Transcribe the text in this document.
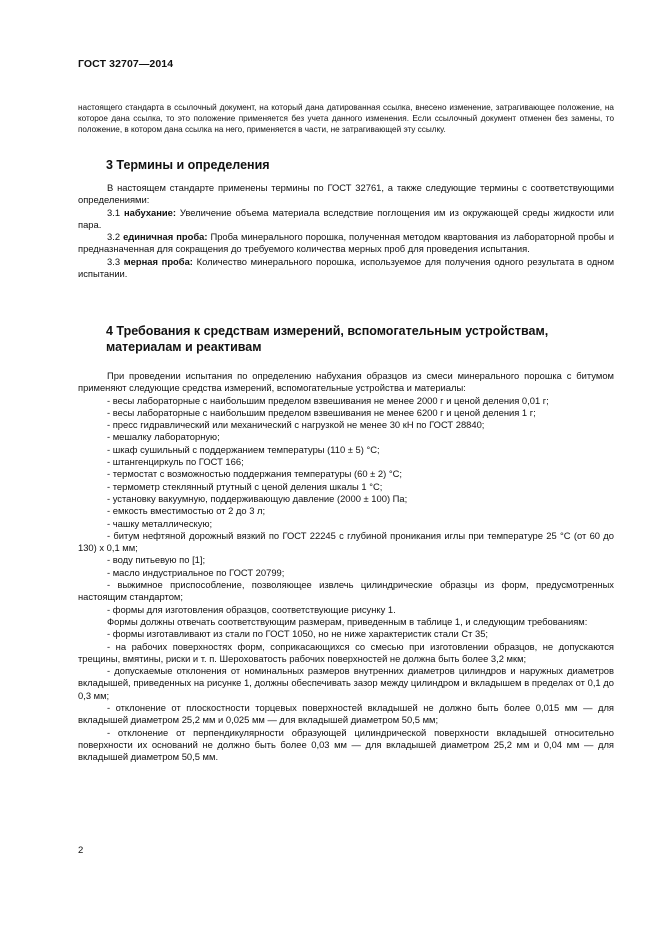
ГОСТ 32707—2014

настоящего стандарта в ссылочный документ, на который дана датированная ссылка, внесено изменение, затрагивающее положение, на которое дана ссылка, то это положение применяется без учета данного изменения. Если ссылочный документ отменен без замены, то положение, в котором дана ссылка на него, применяется в части, не затрагивающей эту ссылку.

3 Термины и определения

В настоящем стандарте применены термины по ГОСТ 32761, а также следующие термины с соответствующими определениями:

3.1 набухание: Увеличение объема материала вследствие поглощения им из окружающей среды жидкости или пара.

3.2 единичная проба: Проба минерального порошка, полученная методом квартования из лабораторной пробы и предназначенная для сокращения до требуемого количества мерных проб для проведения испытания.

3.3 мерная проба: Количество минерального порошка, используемое для получения одного результата в одном испытании.

4 Требования к средствам измерений, вспомогательным устройствам, материалам и реактивам

При проведении испытания по определению набухания образцов из смеси минерального порошка с битумом применяют следующие средства измерений, вспомогательные устройства и материалы:

- весы лабораторные с наибольшим пределом взвешивания не менее 2000 г и ценой деления 0,01 г;

- весы лабораторные с наибольшим пределом взвешивания не менее 6200 г и ценой деления 1 г;

- пресс гидравлический или механический с нагрузкой не менее 30 кН по ГОСТ 28840;

- мешалку лабораторную;

- шкаф сушильный с поддержанием температуры (110 ± 5) °С;

- штангенциркуль по ГОСТ 166;

- термостат с возможностью поддержания температуры (60 ± 2) °С;

- термометр стеклянный ртутный с ценой деления шкалы 1 °С;

- установку вакуумную, поддерживающую давление (2000 ± 100) Па;

- емкость вместимостью от 2 до 3 л;

- чашку металлическую;

- битум нефтяной дорожный вязкий по ГОСТ 22245 с глубиной проникания иглы при температуре 25 °С (от 60 до 130) х 0,1 мм;

- воду питьевую по [1];

- масло индустриальное по ГОСТ 20799;

- выжимное приспособление, позволяющее извлечь цилиндрические образцы из форм, предусмотренных настоящим стандартом;

- формы для изготовления образцов, соответствующие рисунку 1.

Формы должны отвечать соответствующим размерам, приведенным в таблице 1, и следующим требованиям:

- формы изготавливают из стали по ГОСТ 1050, но не ниже характеристик стали Ст 35;

- на рабочих поверхностях форм, соприкасающихся со смесью при изготовлении образцов, не допускаются трещины, вмятины, риски и т. п. Шероховатость рабочих поверхностей не должна быть более 3,2 мкм;

- допускаемые отклонения от номинальных размеров внутренних диаметров цилиндров и наружных диаметров вкладышей, приведенных на рисунке 1, должны обеспечивать зазор между цилиндром и вкладышем в пределах от 0,1 до 0,3 мм;

- отклонение от плоскостности торцевых поверхностей вкладышей не должно быть более 0,015 мм — для вкладышей диаметром 25,2 мм и 0,025 мм — для вкладышей диаметром 50,5 мм;

- отклонение от перпендикулярности образующей цилиндрической поверхности вкладышей относительно поверхности их оснований не должно быть более 0,03 мм — для вкладышей диаметром 25,2 мм и 0,04 мм — для вкладышей диаметром 50,5 мм.

2
